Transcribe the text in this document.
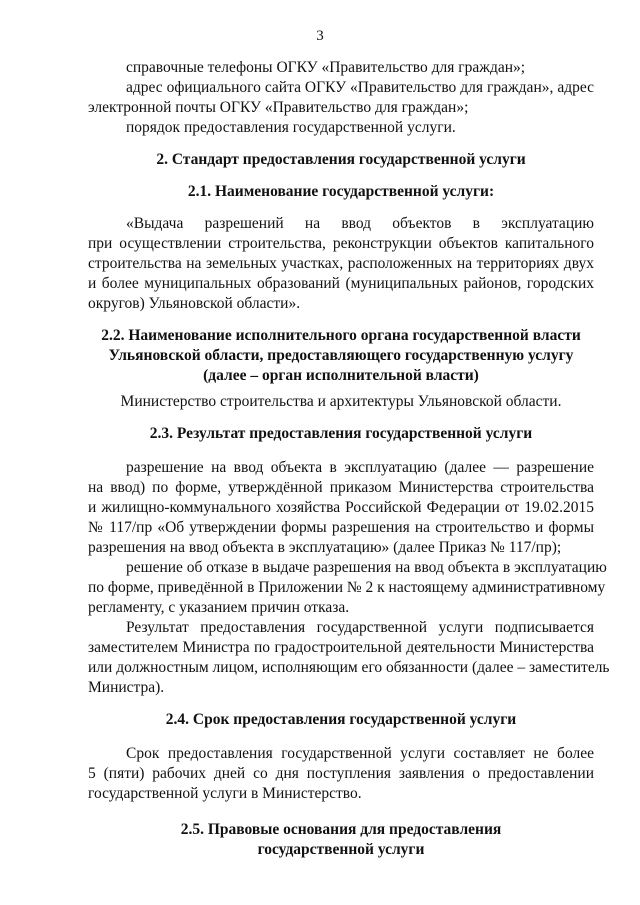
3
справочные телефоны ОГКУ «Правительство для граждан»;
адрес официального сайта ОГКУ «Правительство для граждан», адрес
электронной почты ОГКУ «Правительство для граждан»;
порядок предоставления государственной услуги.
2. Стандарт предоставления государственной услуги
2.1. Наименование государственной услуги:
«Выдача разрешений на ввод объектов в эксплуатацию
при осуществлении строительства, реконструкции объектов капитального
строительства на земельных участках, расположенных на территориях двух
и более муниципальных образований (муниципальных районов, городских
округов) Ульяновской области».
2.2. Наименование исполнительного органа государственной власти
Ульяновской области, предоставляющего государственную услугу
(далее – орган исполнительной власти)
Министерство строительства и архитектуры Ульяновской области.
2.3. Результат предоставления государственной услуги
разрешение на ввод объекта в эксплуатацию (далее — разрешение
на ввод) по форме, утверждённой приказом Министерства строительства
и жилищно-коммунального хозяйства Российской Федерации от 19.02.2015
№ 117/пр «Об утверждении формы разрешения на строительство и формы
разрешения на ввод объекта в эксплуатацию» (далее Приказ № 117/пр);
решение об отказе в выдаче разрешения на ввод объекта в эксплуатацию
по форме, приведённой в Приложении № 2 к настоящему административному
регламенту, с указанием причин отказа.
Результат предоставления государственной услуги подписывается
заместителем Министра по градостроительной деятельности Министерства
или должностным лицом, исполняющим его обязанности (далее – заместитель
Министра).
2.4. Срок предоставления государственной услуги
Срок предоставления государственной услуги составляет не более
5 (пяти) рабочих дней со дня поступления заявления о предоставлении
государственной услуги в Министерство.
2.5. Правовые основания для предоставления
государственной услуги
